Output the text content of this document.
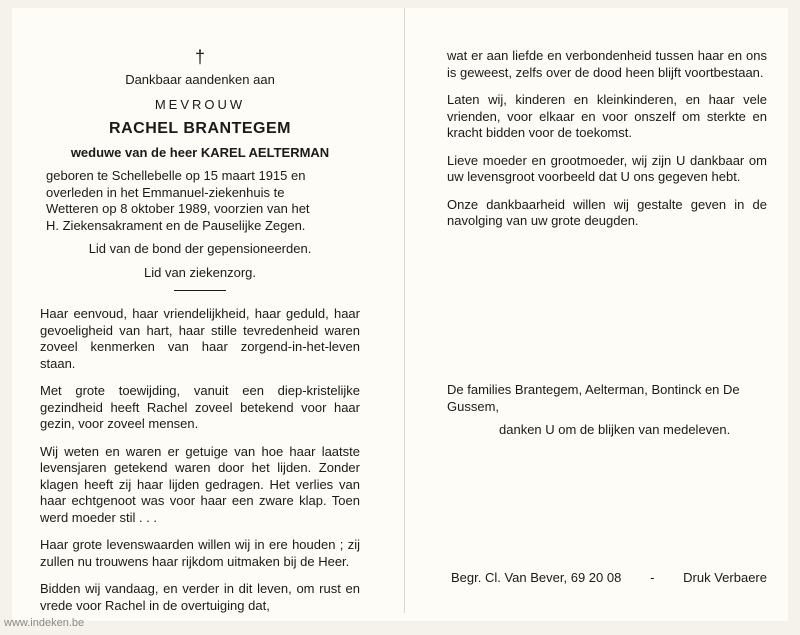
†
Dankbaar aandenken aan
MEVROUW
RACHEL BRANTEGEM
weduwe van de heer KAREL AELTERMAN
geboren te Schellebelle op 15 maart 1915 en
overleden in het Emmanuel-ziekenhuis te
Wetteren op 8 oktober 1989, voorzien van het
H. Ziekensakrament en de Pauselijke Zegen.
Lid van de bond der gepensioneerden.
Lid van ziekenzorg.

Haar eenvoud, haar vriendelijkheid, haar geduld, haar gevoeligheid van hart, haar stille tevredenheid waren zoveel kenmerken van haar zorgend-in-het-leven staan.

Met grote toewijding, vanuit een diep-kristelijke gezindheid heeft Rachel zoveel betekend voor haar gezin, voor zoveel mensen.

Wij weten en waren er getuige van hoe haar laatste levensjaren getekend waren door het lijden. Zonder klagen heeft zij haar lijden gedragen. Het verlies van haar echtgenoot was voor haar een zware klap. Toen werd moeder stil . . .

Haar grote levenswaarden willen wij in ere houden ; zij zullen nu trouwens haar rijkdom uitmaken bij de Heer.

Bidden wij vandaag, en verder in dit leven, om rust en vrede voor Rachel in de overtuiging dat,

wat er aan liefde en verbondenheid tussen haar en ons is geweest, zelfs over de dood heen blijft voortbestaan.

Laten wij, kinderen en kleinkinderen, en haar vele vrienden, voor elkaar en voor onszelf om sterkte en kracht bidden voor de toekomst.

Lieve moeder en grootmoeder, wij zijn U dankbaar om uw levensgroot voorbeeld dat U ons gegeven hebt.

Onze dankbaarheid willen wij gestalte geven in de navolging van uw grote deugden.

De families Brantegem, Aelterman, Bontinck en De Gussem,
danken U om de blijken van medeleven.
Begr. Cl. Van Bever, 69 20 08 - Druk Verbaere
www.indeken.be
